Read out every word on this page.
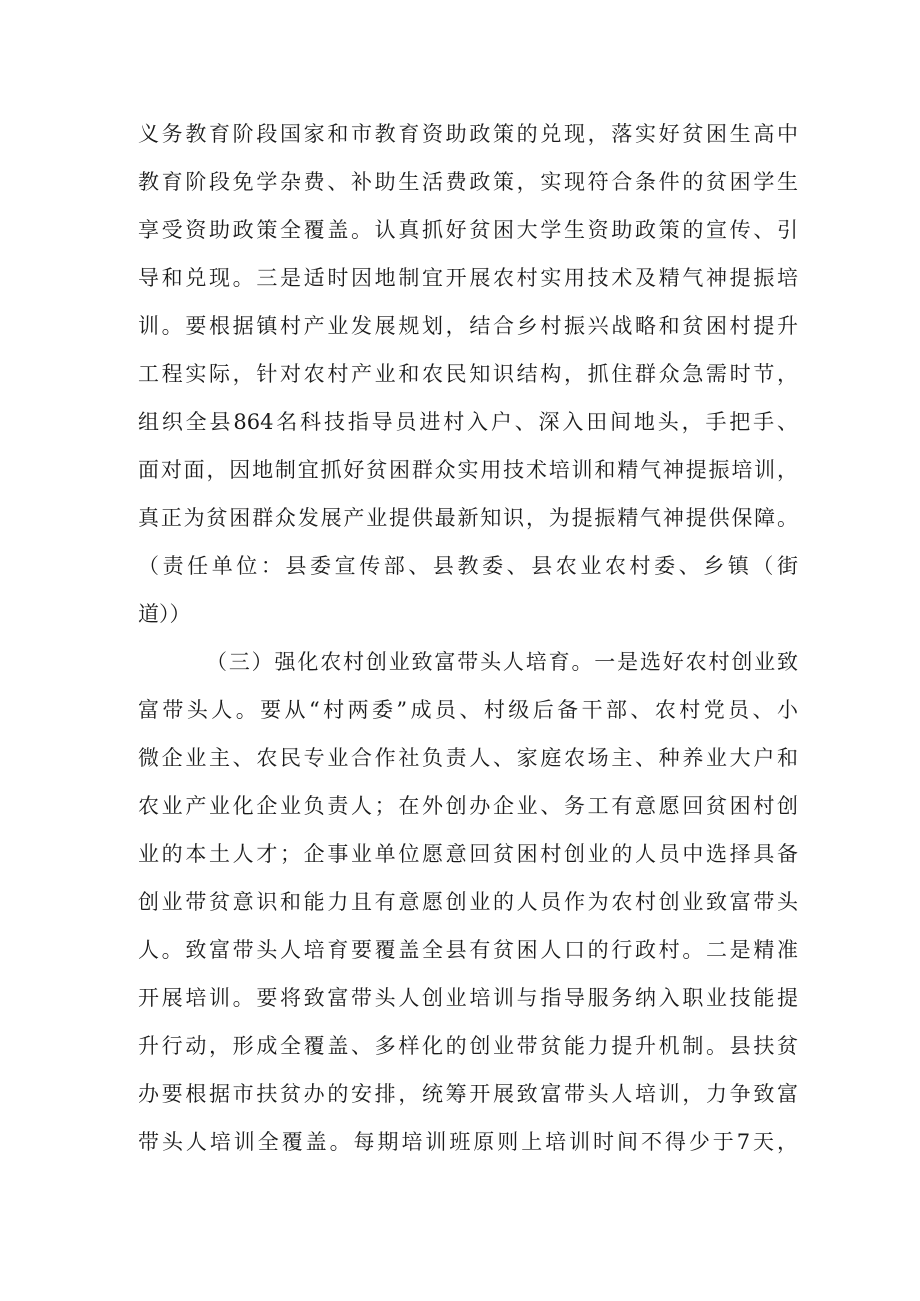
义务教育阶段国家和市教育资助政策的兑现，落实好贫困生高中
教育阶段免学杂费、补助生活费政策，实现符合条件的贫困学生
享受资助政策全覆盖。认真抓好贫困大学生资助政策的宣传、引
导和兑现。三是适时因地制宜开展农村实用技术及精气神提振培
训。要根据镇村产业发展规划，结合乡村振兴战略和贫困村提升
工程实际，针对农村产业和农民知识结构，抓住群众急需时节，
组织全县864名科技指导员进村入户、深入田间地头，手把手、
面对面，因地制宜抓好贫困群众实用技术培训和精气神提振培训，
真正为贫困群众发展产业提供最新知识，为提振精气神提供保障。
（责任单位：县委宣传部、县教委、县农业农村委、乡镇（街
道））
（三）强化农村创业致富带头人培育。一是选好农村创业致
富带头人。要从“村两委”成员、村级后备干部、农村党员、小
微企业主、农民专业合作社负责人、家庭农场主、种养业大户和
农业产业化企业负责人；在外创办企业、务工有意愿回贫困村创
业的本土人才；企事业单位愿意回贫困村创业的人员中选择具备
创业带贫意识和能力且有意愿创业的人员作为农村创业致富带头
人。致富带头人培育要覆盖全县有贫困人口的行政村。二是精准
开展培训。要将致富带头人创业培训与指导服务纳入职业技能提
升行动，形成全覆盖、多样化的创业带贫能力提升机制。县扶贫
办要根据市扶贫办的安排，统筹开展致富带头人培训，力争致富
带头人培训全覆盖。每期培训班原则上培训时间不得少于7天，
